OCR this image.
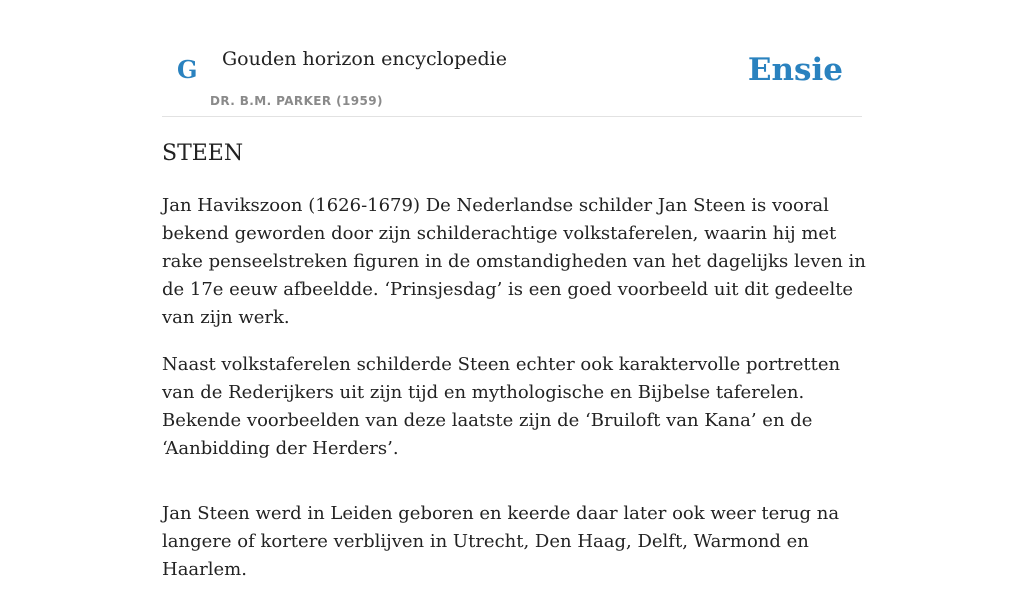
G Gouden horizon encyclopedie
DR. B.M. PARKER (1959)
Ensie
STEEN

Jan Havikszoon (1626-1679) De Nederlandse schilder Jan Steen is vooral bekend geworden door zijn schilderachtige volkstaferelen, waarin hij met rake penseelstreken figuren in de omstandigheden van het dagelijks leven in de 17e eeuw afbeeldde. ‘Prinsjesdag’ is een goed voorbeeld uit dit gedeelte van zijn werk.

Naast volkstaferelen schilderde Steen echter ook karaktervolle portretten van de Rederijkers uit zijn tijd en mythologische en Bijbelse taferelen. Bekende voorbeelden van deze laatste zijn de ‘Bruiloft van Kana’ en de ‘Aanbidding der Herders’.

Jan Steen werd in Leiden geboren en keerde daar later ook weer terug na langere of kortere verblijven in Utrecht, Den Haag, Delft, Warmond en Haarlem.
